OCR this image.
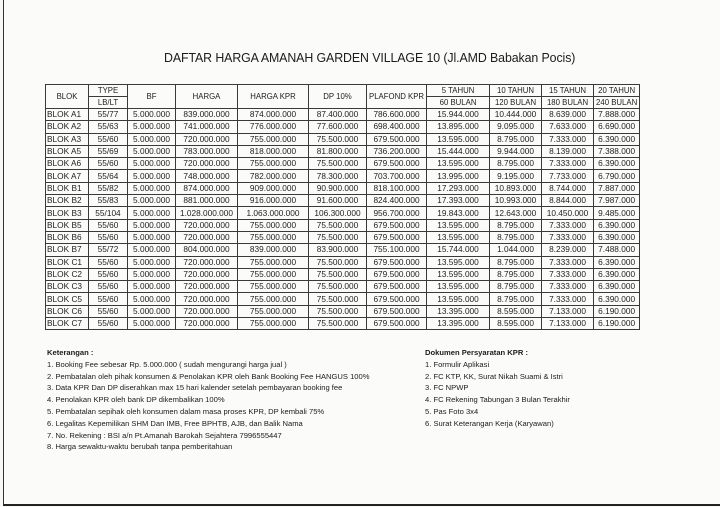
DAFTAR HARGA AMANAH GARDEN VILLAGE 10 (Jl.AMD Babakan Pocis)
BLOK	TYPE	BF	HARGA	HARGA KPR	DP 10%	PLAFOND KPR	5 TAHUN	10 TAHUN	15 TAHUN	20 TAHUN
	LB/LT						60 BULAN	120 BULAN	180 BULAN	240 BULAN
BLOK A1	55/77	5.000.000	839.000.000	874.000.000	87.400.000	786.600.000	15.944.000	10.444.000	8.639.000	7.888.000
BLOK A2	55/63	5.000.000	741.000.000	776.000.000	77.600.000	698.400.000	13.895.000	9.095.000	7.633.000	6.690.000
BLOK A3	55/60	5.000.000	720.000.000	755.000.000	75.500.000	679.500.000	13.595.000	8.795.000	7.333.000	6.390.000
BLOK A5	55/69	5.000.000	783.000.000	818.000.000	81.800.000	736.200.000	15.444.000	9.944.000	8.139.000	7.388.000
BLOK A6	55/60	5.000.000	720.000.000	755.000.000	75.500.000	679.500.000	13.595.000	8.795.000	7.333.000	6.390.000
BLOK A7	55/64	5.000.000	748.000.000	782.000.000	78.300.000	703.700.000	13.995.000	9.195.000	7.733.000	6.790.000
BLOK B1	55/82	5.000.000	874.000.000	909.000.000	90.900.000	818.100.000	17.293.000	10.893.000	8.744.000	7.887.000
BLOK B2	55/83	5.000.000	881.000.000	916.000.000	91.600.000	824.400.000	17.393.000	10.993.000	8.844.000	7.987.000
BLOK B3	55/104	5.000.000	1.028.000.000	1.063.000.000	106.300.000	956.700.000	19.843.000	12.643.000	10.450.000	9.485.000
BLOK B5	55/60	5.000.000	720.000.000	755.000.000	75.500.000	679.500.000	13.595.000	8.795.000	7.333.000	6.390.000
BLOK B6	55/60	5.000.000	720.000.000	755.000.000	75.500.000	679.500.000	13.595.000	8.795.000	7.333.000	6.390.000
BLOK B7	55/72	5.000.000	804.000.000	839.000.000	83.900.000	755.100.000	15.744.000	1.044.000	8.239.000	7.488.000
BLOK C1	55/60	5.000.000	720.000.000	755.000.000	75.500.000	679.500.000	13.595.000	8.795.000	7.333.000	6.390.000
BLOK C2	55/60	5.000.000	720.000.000	755.000.000	75.500.000	679.500.000	13.595.000	8.795.000	7.333.000	6.390.000
BLOK C3	55/60	5.000.000	720.000.000	755.000.000	75.500.000	679.500.000	13.595.000	8.795.000	7.333.000	6.390.000
BLOK C5	55/60	5.000.000	720.000.000	755.000.000	75.500.000	679.500.000	13.595.000	8.795.000	7.333.000	6.390.000
BLOK C6	55/60	5.000.000	720.000.000	755.000.000	75.500.000	679.500.000	13.395.000	8.595.000	7.133.000	6.190.000
BLOK C7	55/60	5.000.000	720.000.000	755.000.000	75.500.000	679.500.000	13.395.000	8.595.000	7.133.000	6.190.000
Keterangan :
1. Booking Fee sebesar Rp. 5.000.000 ( sudah mengurangi harga jual )
2. Pembatalan oleh pihak konsumen & Penolakan KPR oleh Bank Booking Fee HANGUS 100%
3. Data KPR Dan DP diserahkan max 15 hari kalender setelah pembayaran booking fee
4. Penolakan KPR oleh bank DP dikembalikan 100%
5. Pembatalan sepihak oleh konsumen dalam masa proses KPR, DP kembali 75%
6. Legalitas Kepemilikan SHM Dan IMB, Free BPHTB, AJB, dan Balik Nama
7. No. Rekening : BSI a/n Pt.Amanah Barokah Sejahtera 7996555447
8. Harga sewaktu-waktu berubah tanpa pemberitahuan
Dokumen Persyaratan KPR :
1. Formulir Aplikasi
2. FC KTP, KK, Surat Nikah Suami & Istri
3. FC NPWP
4. FC Rekening Tabungan 3 Bulan Terakhir
5. Pas Foto 3x4
6. Surat Keterangan Kerja (Karyawan)
